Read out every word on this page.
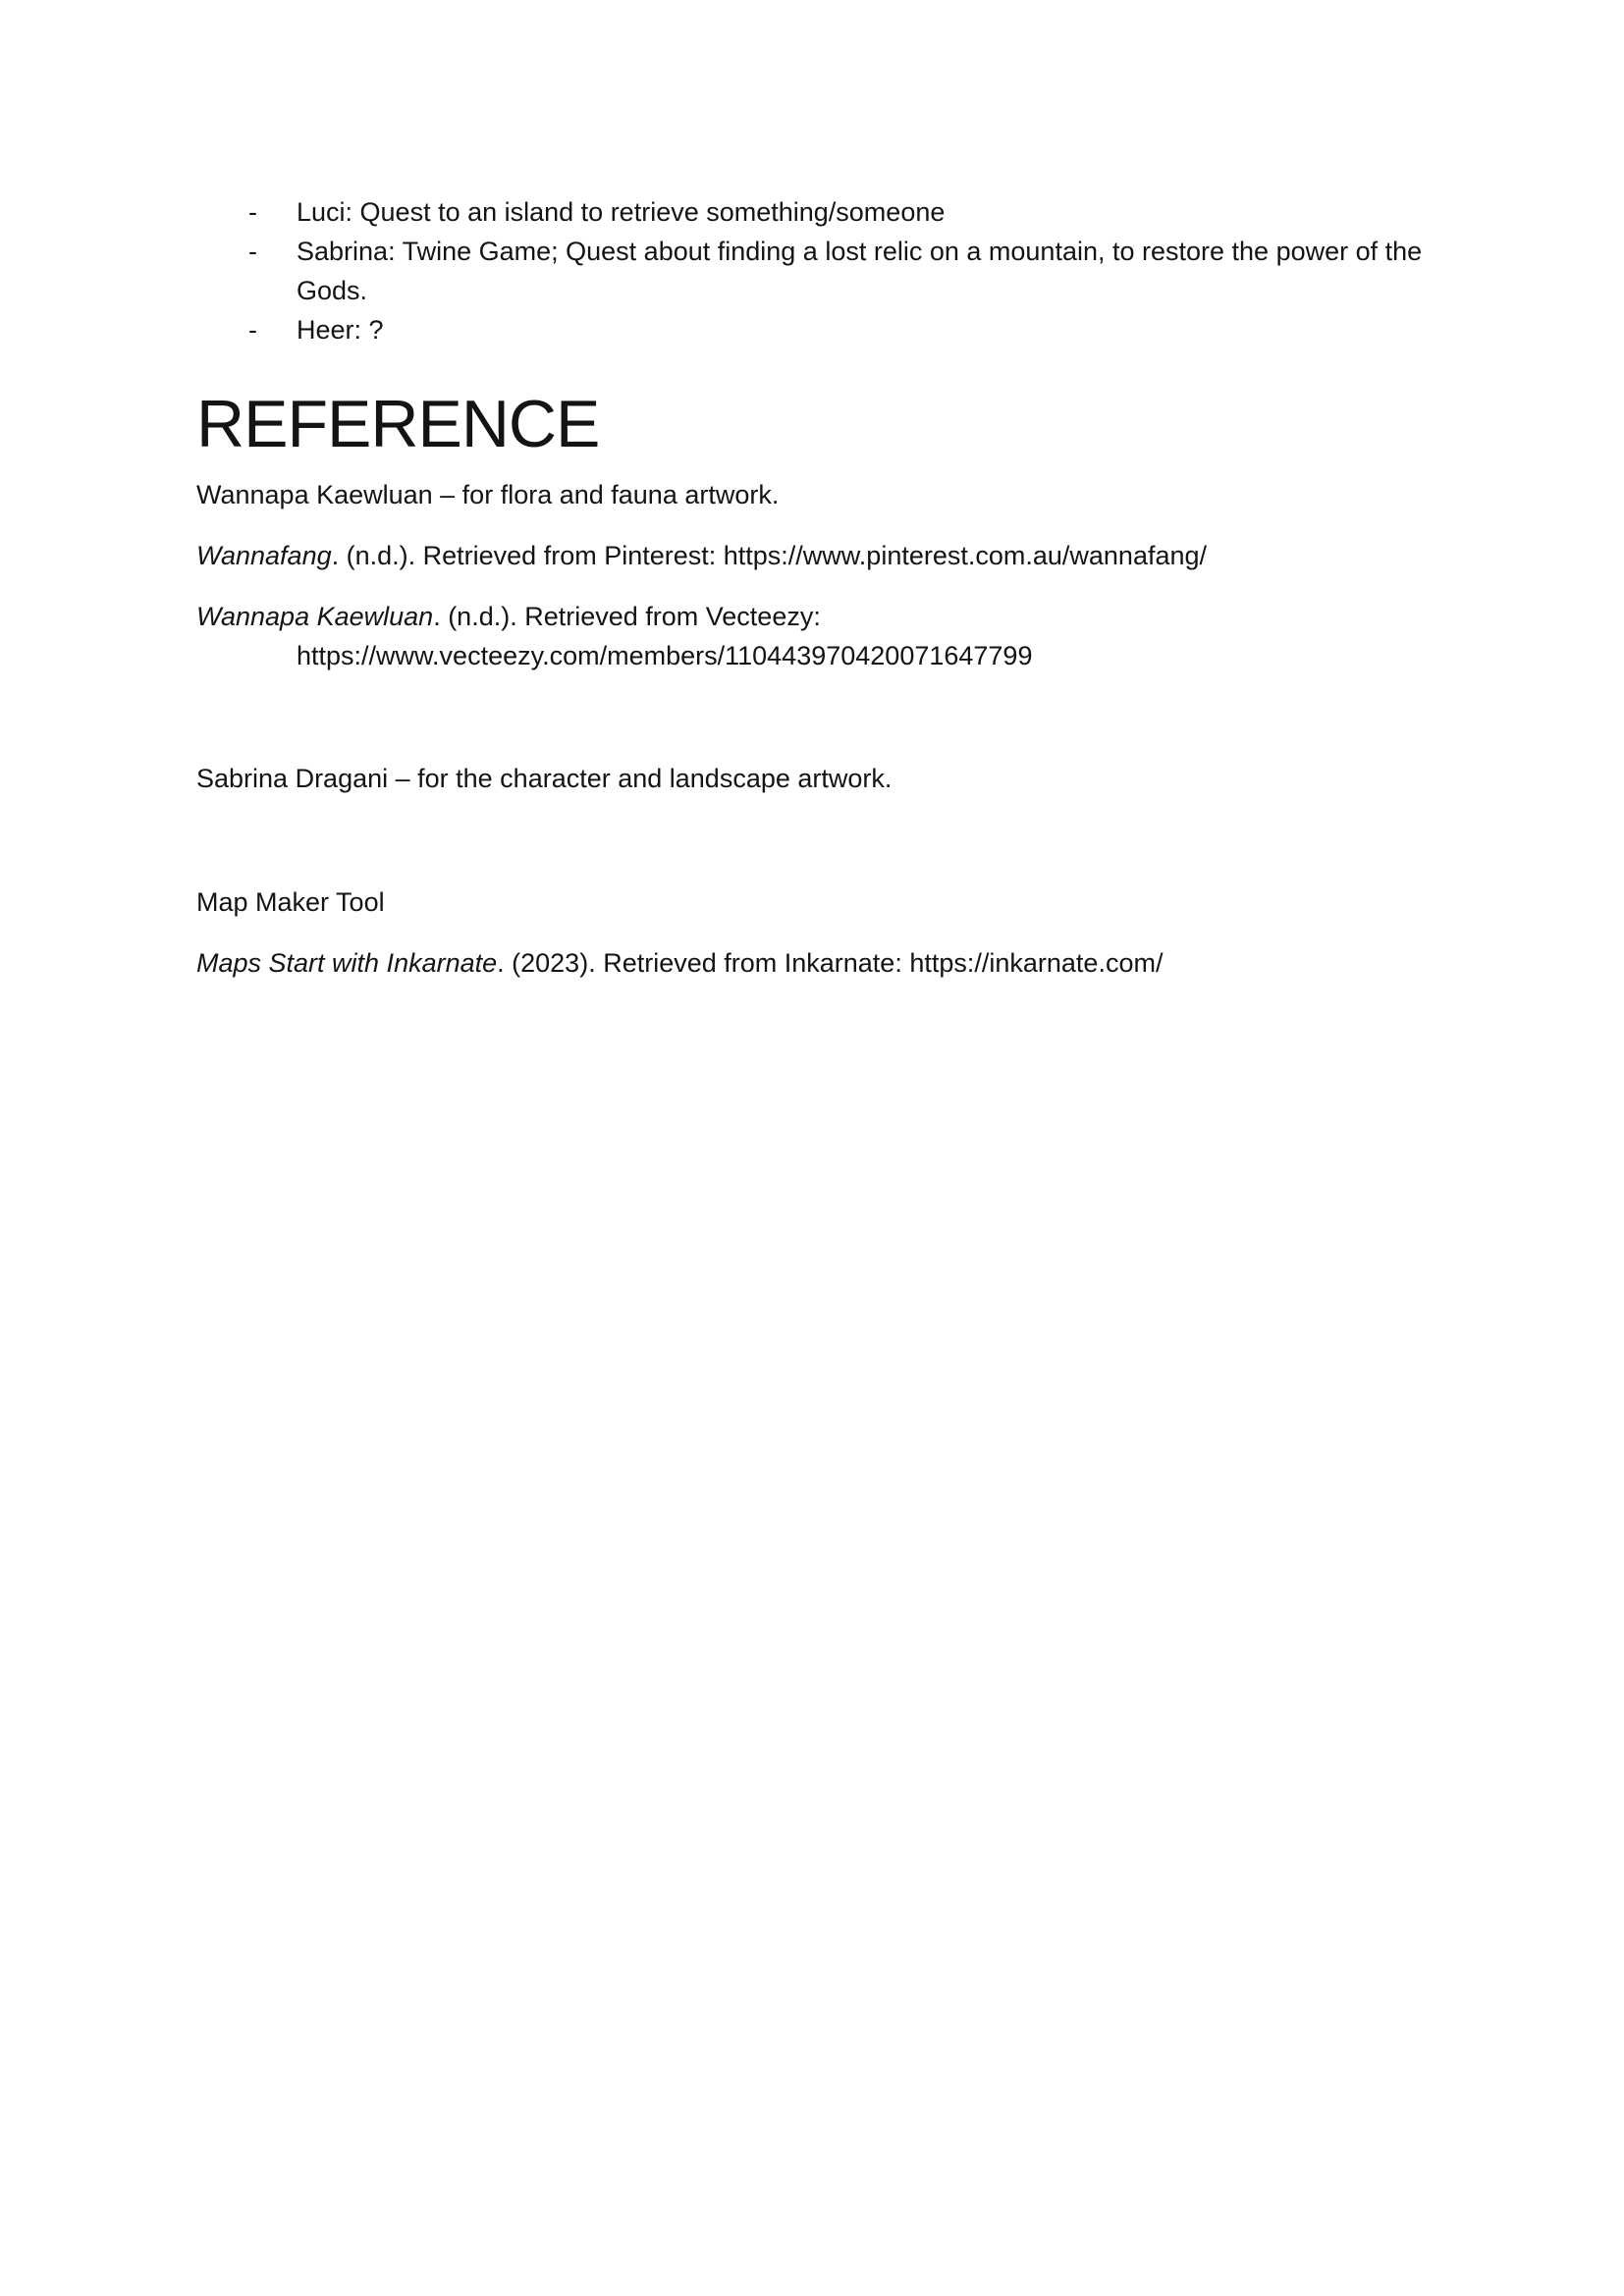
- Luci: Quest to an island to retrieve something/someone
- Sabrina: Twine Game; Quest about finding a lost relic on a mountain, to restore the power of the Gods.
- Heer: ?
REFERENCE

Wannapa Kaewluan – for flora and fauna artwork.

Wannafang. (n.d.). Retrieved from Pinterest: https://www.pinterest.com.au/wannafang/

Wannapa Kaewluan. (n.d.). Retrieved from Vecteezy:
https://www.vecteezy.com/members/110443970420071647799

Sabrina Dragani – for the character and landscape artwork.

Map Maker Tool

Maps Start with Inkarnate. (2023). Retrieved from Inkarnate: https://inkarnate.com/
